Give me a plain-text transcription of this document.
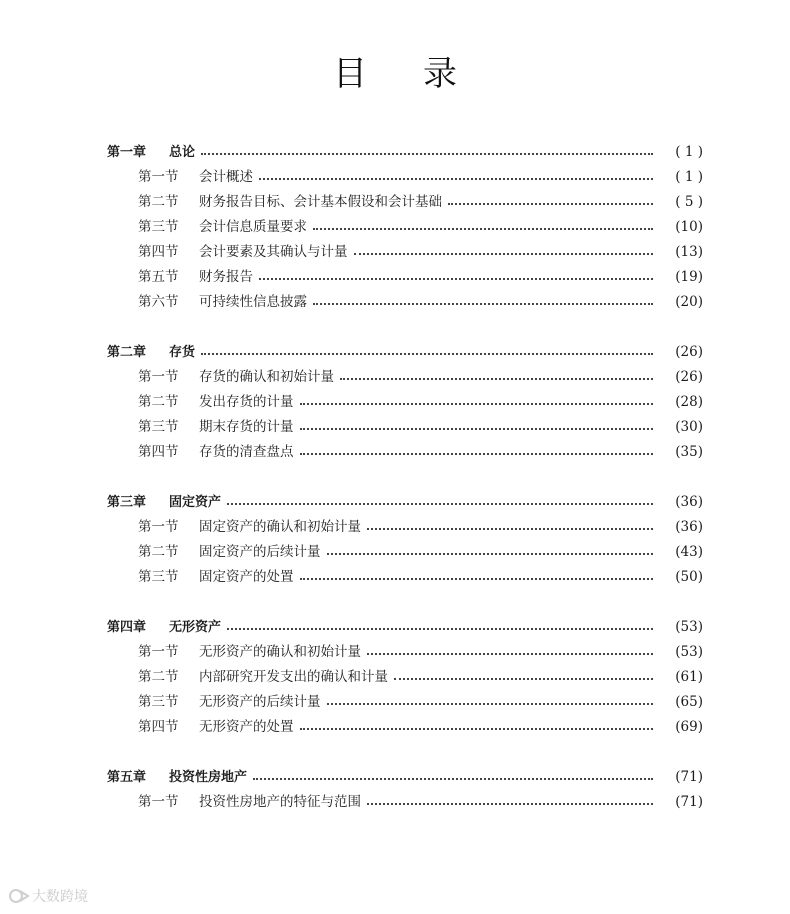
目 录
第一章	总论	( 1 )
第一节	会计概述	( 1 )
第二节	财务报告目标、会计基本假设和会计基础	( 5 )
第三节	会计信息质量要求	(10)
第四节	会计要素及其确认与计量	(13)
第五节	财务报告	(19)
第六节	可持续性信息披露	(20)
第二章	存货	(26)
第一节	存货的确认和初始计量	(26)
第二节	发出存货的计量	(28)
第三节	期末存货的计量	(30)
第四节	存货的清查盘点	(35)
第三章	固定资产	(36)
第一节	固定资产的确认和初始计量	(36)
第二节	固定资产的后续计量	(43)
第三节	固定资产的处置	(50)
第四章	无形资产	(53)
第一节	无形资产的确认和初始计量	(53)
第二节	内部研究开发支出的确认和计量	(61)
第三节	无形资产的后续计量	(65)
第四节	无形资产的处置	(69)
第五章	投资性房地产	(71)
第一节	投资性房地产的特征与范围	(71)
大数跨境
